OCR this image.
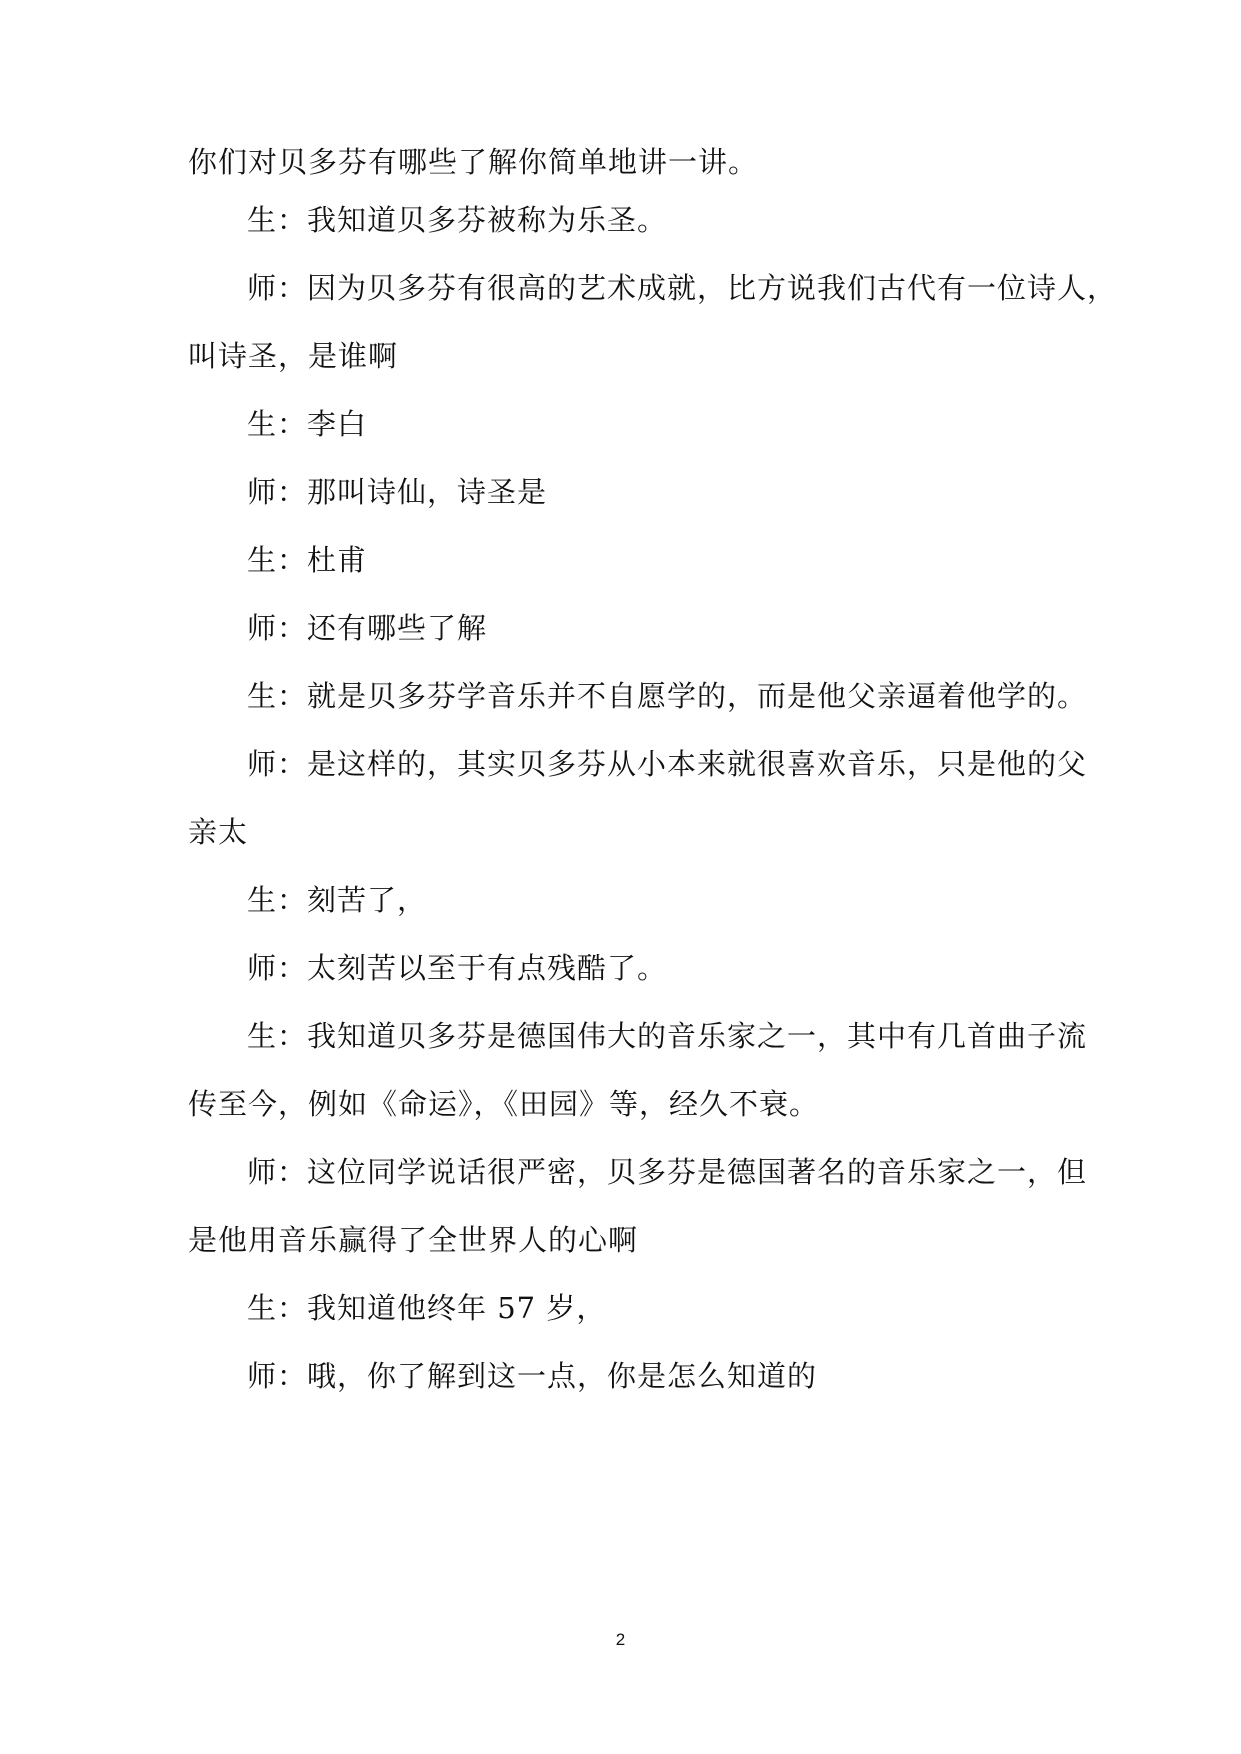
你们对贝多芬有哪些了解你简单地讲一讲。
生：我知道贝多芬被称为乐圣。
师：因为贝多芬有很高的艺术成就，比方说我们古代有一位诗人，
叫诗圣，是谁啊
生：李白
师：那叫诗仙，诗圣是
生：杜甫
师：还有哪些了解
生：就是贝多芬学音乐并不自愿学的，而是他父亲逼着他学的。
师：是这样的，其实贝多芬从小本来就很喜欢音乐，只是他的父
亲太
生：刻苦了，
师：太刻苦以至于有点残酷了。
生：我知道贝多芬是德国伟大的音乐家之一，其中有几首曲子流
传至今，例如《命运》，《田园》等，经久不衰。
师：这位同学说话很严密，贝多芬是德国著名的音乐家之一，但
是他用音乐赢得了全世界人的心啊
生：我知道他终年 57 岁，
师：哦，你了解到这一点，你是怎么知道的
2
